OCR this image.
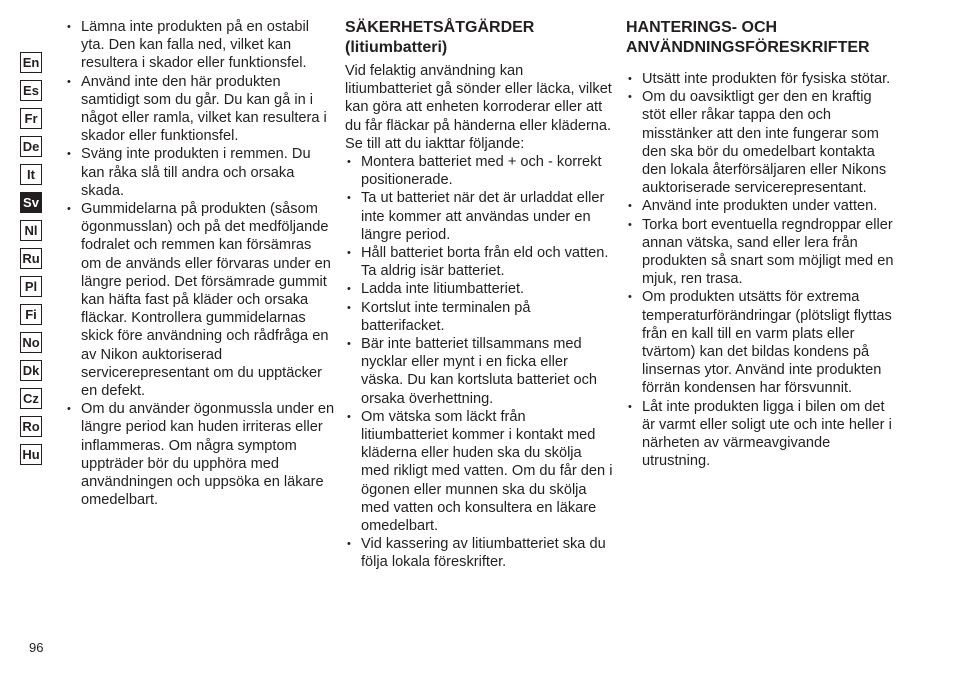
En
Es
Fr
De
It
Sv
Nl
Ru
Pl
Fi
No
Dk
Cz
Ro
Hu
• Lämna inte produkten på en ostabil yta. Den kan falla ned, vilket kan resultera i skador eller funktionsfel.
• Använd inte den här produkten samtidigt som du går. Du kan gå in i något eller ramla, vilket kan resultera i skador eller funktionsfel.
• Sväng inte produkten i remmen. Du kan råka slå till andra och orsaka skada.
• Gummidelarna på produkten (såsom ögonmusslan) och på det medföljande fodralet och remmen kan försämras om de används eller förvaras under en längre period. Det försämrade gummit kan häfta fast på kläder och orsaka fläckar. Kontrollera gummidelarnas skick före användning och rådfråga en av Nikon auktoriserad servicerepresentant om du upptäcker en defekt.
• Om du använder ögonmussla under en längre period kan huden irriteras eller inflammeras. Om några symptom uppträder bör du upphöra med användningen och uppsöka en läkare omedelbart.
SÄKERHETSÅTGÄRDER (litiumbatteri)

Vid felaktig användning kan litiumbatteriet gå sönder eller läcka, vilket kan göra att enheten korroderar eller att du får fläckar på händerna eller kläderna.

Se till att du iakttar följande:

• Montera batteriet med + och - korrekt positionerade.
• Ta ut batteriet när det är urladdat eller inte kommer att användas under en längre period.
• Håll batteriet borta från eld och vatten. Ta aldrig isär batteriet.
• Ladda inte litiumbatteriet.
• Kortslut inte terminalen på batterifacket.
• Bär inte batteriet tillsammans med nycklar eller mynt i en ficka eller väska. Du kan kortsluta batteriet och orsaka överhettning.
• Om vätska som läckt från litiumbatteriet kommer i kontakt med kläderna eller huden ska du skölja med rikligt med vatten. Om du får den i ögonen eller munnen ska du skölja med vatten och konsultera en läkare omedelbart.
• Vid kassering av litiumbatteriet ska du följa lokala föreskrifter.
HANTERINGS- OCH ANVÄNDNINGSFÖRESKRIFTER
• Utsätt inte produkten för fysiska stötar.
• Om du oavsiktligt ger den en kraftig stöt eller råkar tappa den och misstänker att den inte fungerar som den ska bör du omedelbart kontakta den lokala återförsäljaren eller Nikons auktoriserade servicerepresentant.
• Använd inte produkten under vatten.
• Torka bort eventuella regndroppar eller annan vätska, sand eller lera från produkten så snart som möjligt med en mjuk, ren trasa.
• Om produkten utsätts för extrema temperaturförändringar (plötsligt flyttas från en kall till en varm plats eller tvärtom) kan det bildas kondens på linsernas ytor. Använd inte produkten förrän kondensen har försvunnit.
• Låt inte produkten ligga i bilen om det är varmt eller soligt ute och inte heller i närheten av värmeavgivande utrustning.
96
